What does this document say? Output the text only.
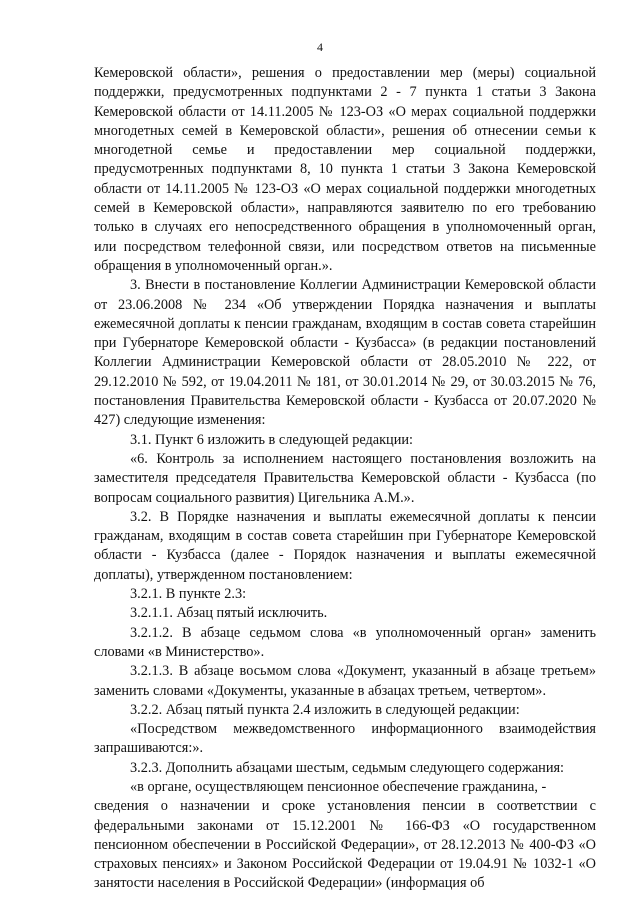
4

Кемеровской области», решения о предоставлении мер (меры) социальной поддержки, предусмотренных подпунктами 2 - 7 пункта 1 статьи 3 Закона Кемеровской области от 14.11.2005 № 123-ОЗ «О мерах социальной поддержки многодетных семей в Кемеровской области», решения об отнесении семьи к многодетной семье и предоставлении мер социальной поддержки, предусмотренных подпунктами 8, 10 пункта 1 статьи 3 Закона Кемеровской области от 14.11.2005 № 123-ОЗ «О мерах социальной поддержки многодетных семей в Кемеровской области», направляются заявителю по его требованию только в случаях его непосредственного обращения в уполномоченный орган, или посредством телефонной связи, или посредством ответов на письменные обращения в уполномоченный орган.».

3. Внести в постановление Коллегии Администрации Кемеровской области от 23.06.2008 № 234 «Об утверждении Порядка назначения и выплаты ежемесячной доплаты к пенсии гражданам, входящим в состав совета старейшин при Губернаторе Кемеровской области - Кузбасса» (в редакции постановлений Коллегии Администрации Кемеровской области от 28.05.2010 № 222, от 29.12.2010 № 592, от 19.04.2011 № 181, от 30.01.2014 № 29, от 30.03.2015 № 76, постановления Правительства Кемеровской области - Кузбасса от 20.07.2020 № 427) следующие изменения:

3.1. Пункт 6 изложить в следующей редакции:

«6. Контроль за исполнением настоящего постановления возложить на заместителя председателя Правительства Кемеровской области - Кузбасса (по вопросам социального развития) Цигельника А.М.».

3.2. В Порядке назначения и выплаты ежемесячной доплаты к пенсии гражданам, входящим в состав совета старейшин при Губернаторе Кемеровской области - Кузбасса (далее - Порядок назначения и выплаты ежемесячной доплаты), утвержденном постановлением:

3.2.1. В пункте 2.3:

3.2.1.1. Абзац пятый исключить.

3.2.1.2. В абзаце седьмом слова «в уполномоченный орган» заменить словами «в Министерство».

3.2.1.3. В абзаце восьмом слова «Документ, указанный в абзаце третьем» заменить словами «Документы, указанные в абзацах третьем, четвертом».

3.2.2. Абзац пятый пункта 2.4 изложить в следующей редакции:

«Посредством межведомственного информационного взаимодействия запрашиваются:».

3.2.3. Дополнить абзацами шестым, седьмым следующего содержания:

«в органе, осуществляющем пенсионное обеспечение гражданина, -

сведения о назначении и сроке установления пенсии в соответствии с федеральными законами от 15.12.2001 № 166-ФЗ «О государственном пенсионном обеспечении в Российской Федерации», от 28.12.2013 № 400-ФЗ «О страховых пенсиях» и Законом Российской Федерации от 19.04.91 № 1032-1 «О занятости населения в Российской Федерации» (информация об
